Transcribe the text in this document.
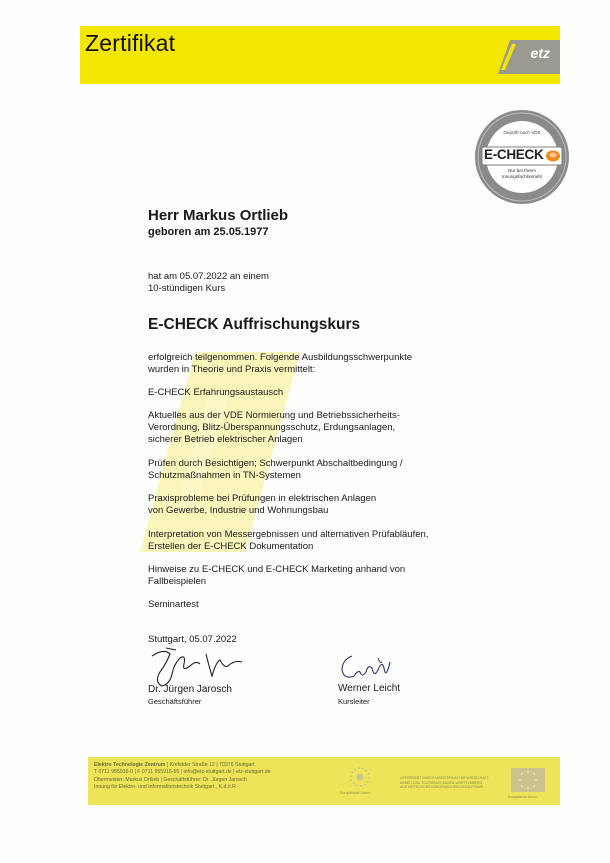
Zertifikat	etz
Geprüft nach VDE
E-CHECK
Nur bei Ihrem
Innungsfachbetrieb!
Herr Markus Ortlieb
geboren am 25.05.1977
hat am 05.07.2022 an einem
10-stündigen Kurs
E-CHECK Auffrischungskurs
erfolgreich teilgenommen. Folgende Ausbildungsschwerpunkte
wurden in Theorie und Praxis vermittelt:
E-CHECK Erfahrungsaustausch
Aktuelles aus der VDE Normierung und Betriebssicherheits-
Verordnung, Blitz-Überspannungsschutz, Erdungsanlagen,
sicherer Betrieb elektrischer Anlagen
Prüfen durch Besichtigen; Schwerpunkt Abschaltbedingung /
Schutzmaßnahmen in TN-Systemen
Praxisprobleme bei Prüfungen in elektrischen Anlagen
von Gewerbe, Industrie und Wohnungsbau
Interpretation von Messergebnissen und alternativen Prüfabläufen,
Erstellen der E-CHECK Dokumentation
Hinweise zu E-CHECK und E-CHECK Marketing anhand von
Fallbeispielen
Seminartest
Stuttgart, 05.07.2022
Dr. Jürgen Jarosch
Geschäftsführer
Werner Leicht
Kursleiter
Elektro Technologie Zentrum | Krefelder Straße 12 | 70376 Stuttgart
T 0711 955916-0 | F 0711 955916-55 | info@etz-stuttgart.de | etz-stuttgart.de
Obermeister: Markus Ortlieb | Geschäftsführer: Dr. Jürgen Jarosch
Innung für Elektro- und Informationstechnik Stuttgart , K.d.ö.R
Europäische Union
GEFÖRDERT DURCH MINISTERIUM FÜR WIRTSCHAFT,
ARBEIT UND TOURISMUS BADEN-WÜRTTEMBERG
AUS MITTELN DES EUROPÄISCHEN SOZIALFONDS
Europäische Union
